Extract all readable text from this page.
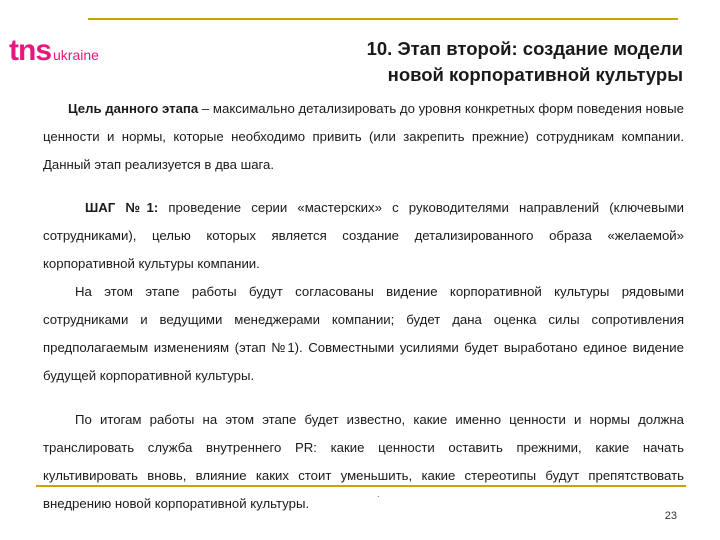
tns ukraine	10. Этап второй: создание модели
новой корпоративной культуры

Цель данного этапа – максимально детализировать до уровня конкретных форм поведения новые ценности и нормы, которые необходимо привить (или закрепить прежние) сотрудникам компании. Данный этап реализуется в два шага.

ШАГ №1: проведение серии «мастерских» с руководителями направлений (ключевыми сотрудниками), целью которых является создание детализированного образа «желаемой» корпоративной культуры компании.

На этом этапе работы будут согласованы видение корпоративной культуры рядовыми сотрудниками и ведущими менеджерами компании; будет дана оценка силы сопротивления предполагаемым изменениям (этап №1). Совместными усилиями будет выработано единое видение будущей корпоративной культуры.

По итогам работы на этом этапе будет известно, какие именно ценности и нормы должна транслировать служба внутреннего PR: какие ценности оставить прежними, какие начать культивировать вновь, влияние каких стоит уменьшить, какие стереотипы будут препятствовать внедрению новой корпоративной культуры.

.
23
